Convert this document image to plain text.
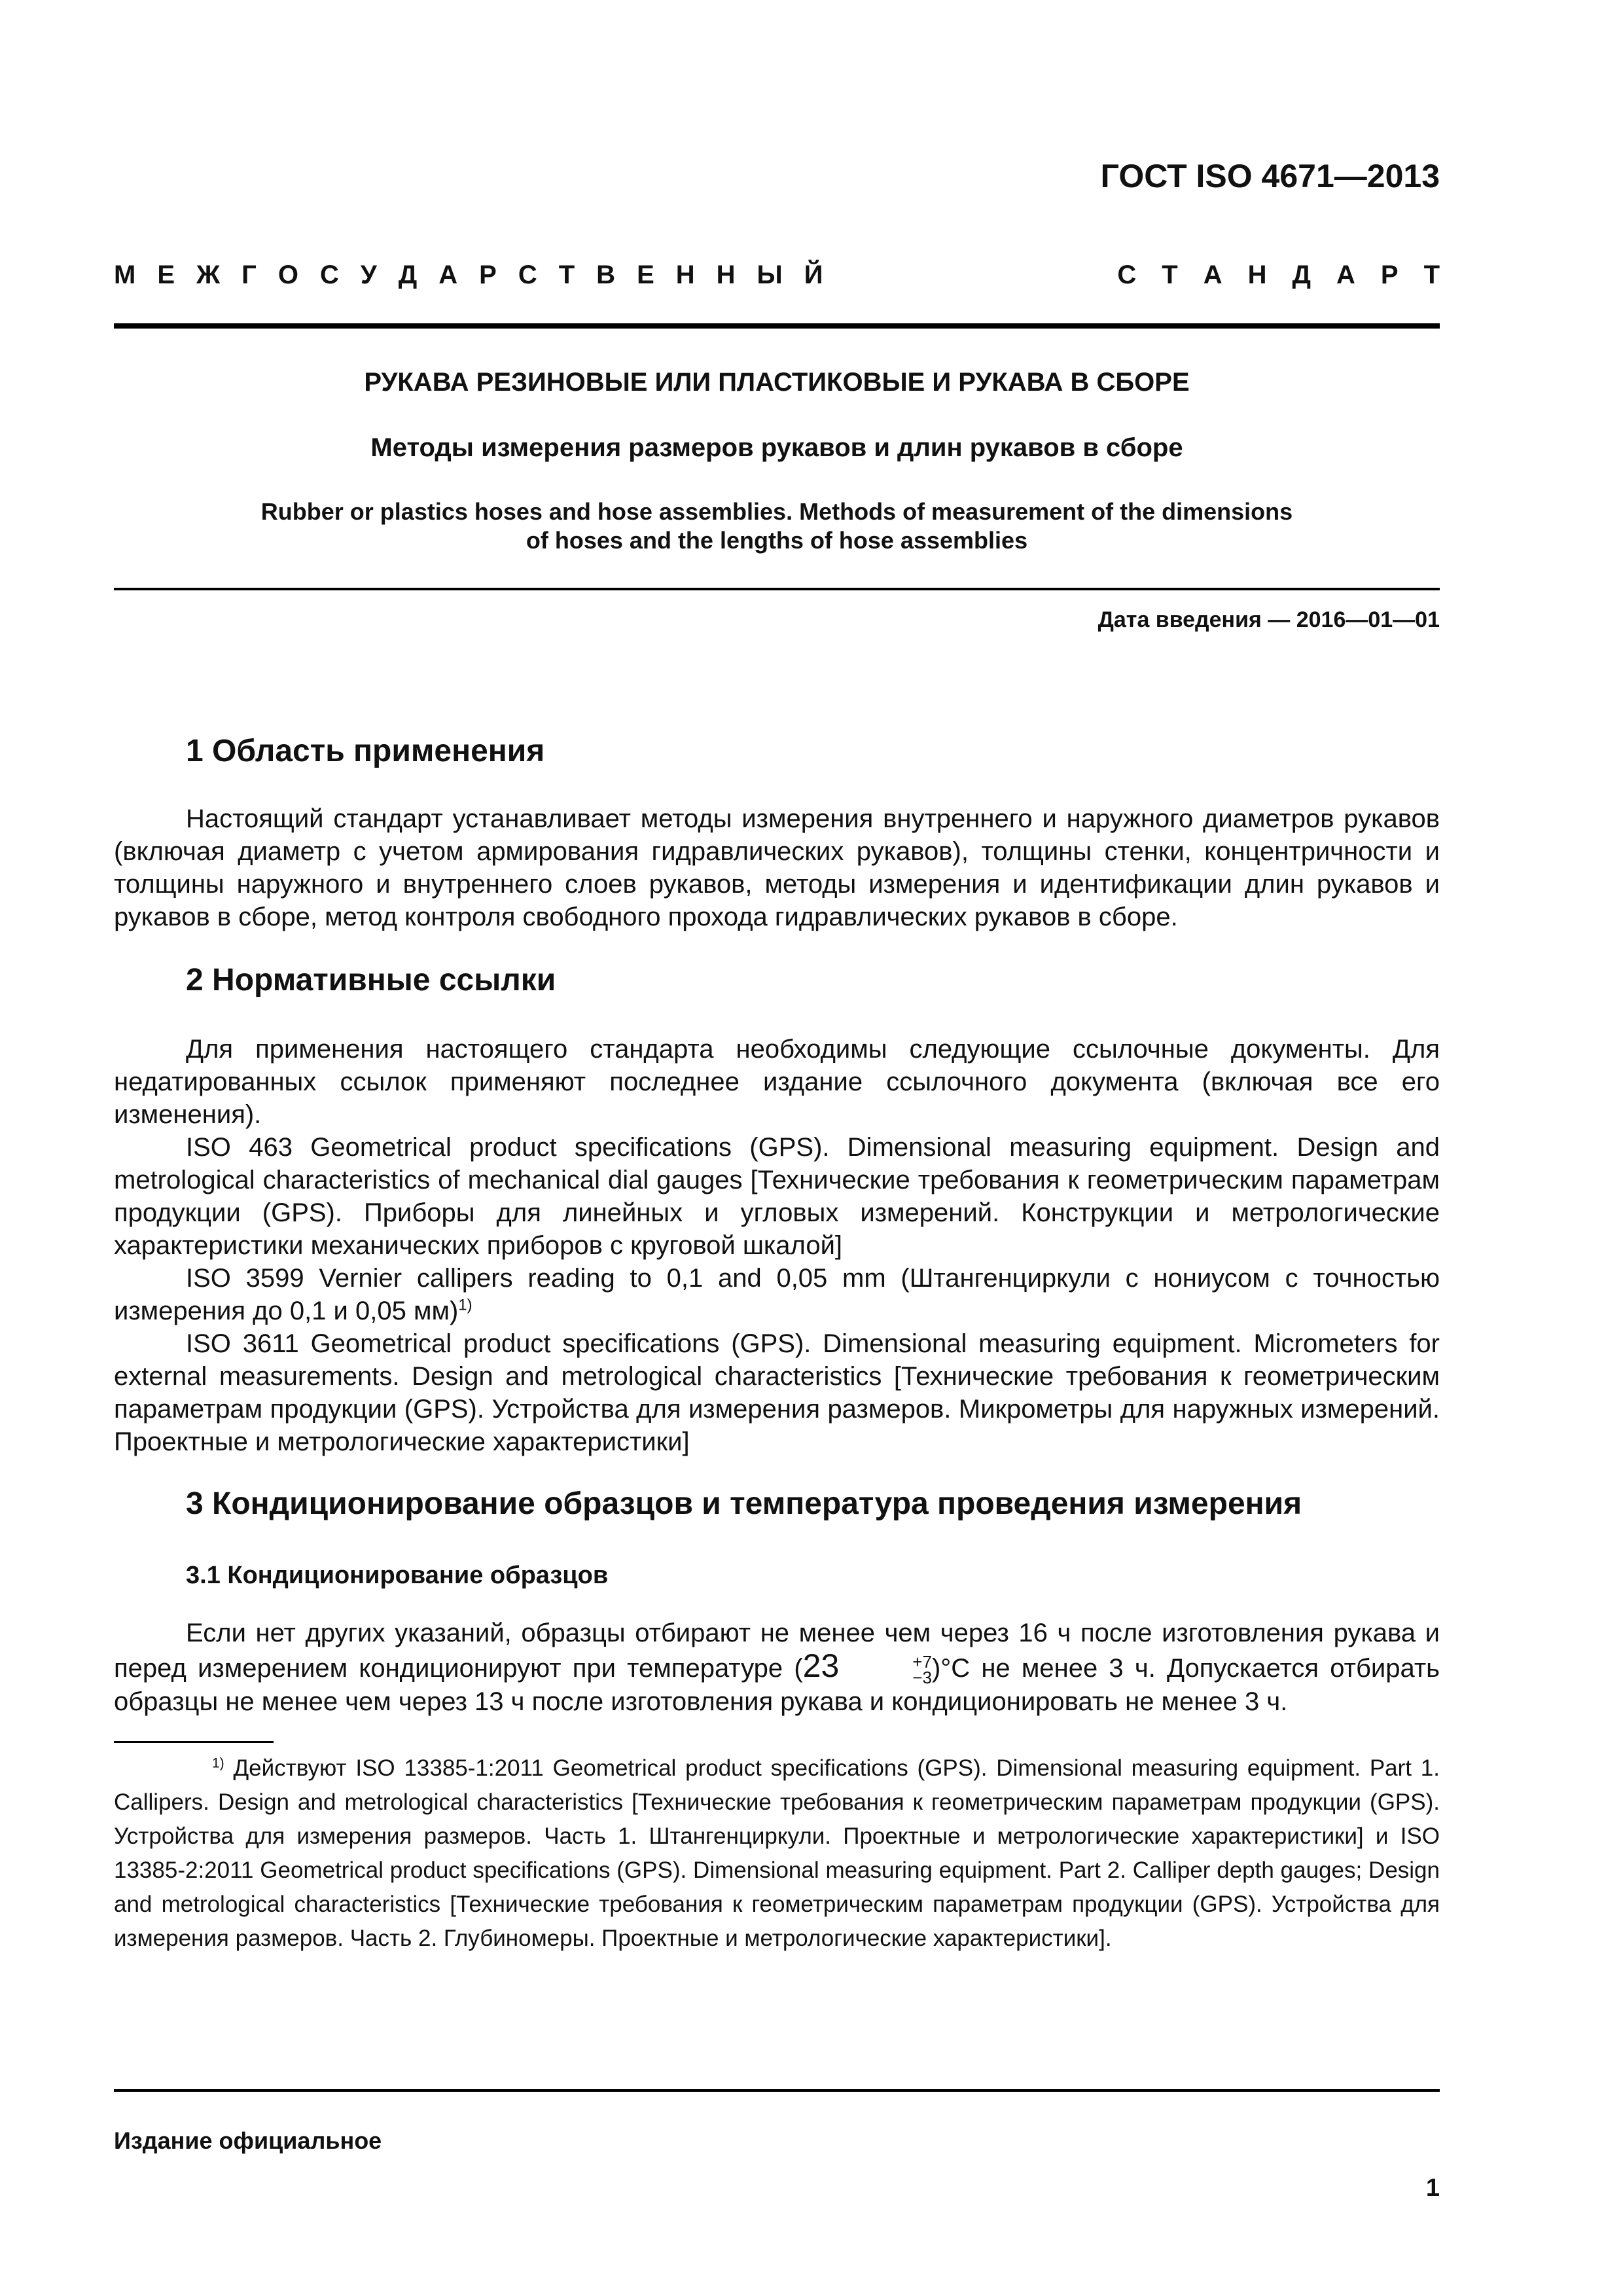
ГОСТ ISO 4671—2013
М Е Ж Г О С У Д А Р С Т В Е Н Н Ы Й	С Т А Н Д А Р Т
РУКАВА РЕЗИНОВЫЕ ИЛИ ПЛАСТИКОВЫЕ И РУКАВА В СБОРЕ
Методы измерения размеров рукавов и длин рукавов в сборе
Rubber or plastics hoses and hose assemblies. Methods of measurement of the dimensions
of hoses and the lengths of hose assemblies
Дата введения — 2016—01—01
1 Область применения
Настоящий стандарт устанавливает методы измерения внутреннего и наружного диаметров рукавов (включая диаметр с учетом армирования гидравлических рукавов), толщины стенки, концентричности и толщины наружного и внутреннего слоев рукавов, методы измерения и идентификации длин рукавов и рукавов в сборе, метод контроля свободного прохода гидравлических рукавов в сборе.
2 Нормативные ссылки
Для применения настоящего стандарта необходимы следующие ссылочные документы. Для недатированных ссылок применяют последнее издание ссылочного документа (включая все его изменения).
ISO 463 Geometrical product specifications (GPS). Dimensional measuring equipment. Design and metrological characteristics of mechanical dial gauges [Технические требования к геометрическим параметрам продукции (GPS). Приборы для линейных и угловых измерений. Конструкции и метрологические характеристики механических приборов с круговой шкалой]
ISO 3599 Vernier callipers reading to 0,1 and 0,05 mm (Штангенциркули с нониусом с точностью измерения до 0,1 и 0,05 мм)$^{1)}$
ISO 3611 Geometrical product specifications (GPS). Dimensional measuring equipment. Micrometers for external measurements. Design and metrological characteristics [Технические требования к геометрическим параметрам продукции (GPS). Устройства для измерения размеров. Микрометры для наружных измерений. Проектные и метрологические характеристики]
3 Кондиционирование образцов и температура проведения измерения
3.1 Кондиционирование образцов
Если нет других указаний, образцы отбирают не менее чем через 16 ч после изготовления рукава и перед измерением кондиционируют при температуре (23	+7
−3 )°C не менее 3 ч. Допускается отбирать образцы не менее чем через 13 ч после изготовления рукава и кондиционировать не менее 3 ч.
$^{1)}$ Действуют ISO 13385-1:2011 Geometrical product specifications (GPS). Dimensional measuring equipment. Part 1. Callipers. Design and metrological characteristics [Технические требования к геометрическим параметрам продукции (GPS). Устройства для измерения размеров. Часть 1. Штангенциркули. Проектные и метрологические характеристики] и ISO 13385-2:2011 Geometrical product specifications (GPS). Dimensional measuring equipment. Part 2. Calliper depth gauges; Design and metrological characteristics [Технические требования к геометрическим параметрам продукции (GPS). Устройства для измерения размеров. Часть 2. Глубиномеры. Проектные и метрологические характеристики].
Издание официальное
1
